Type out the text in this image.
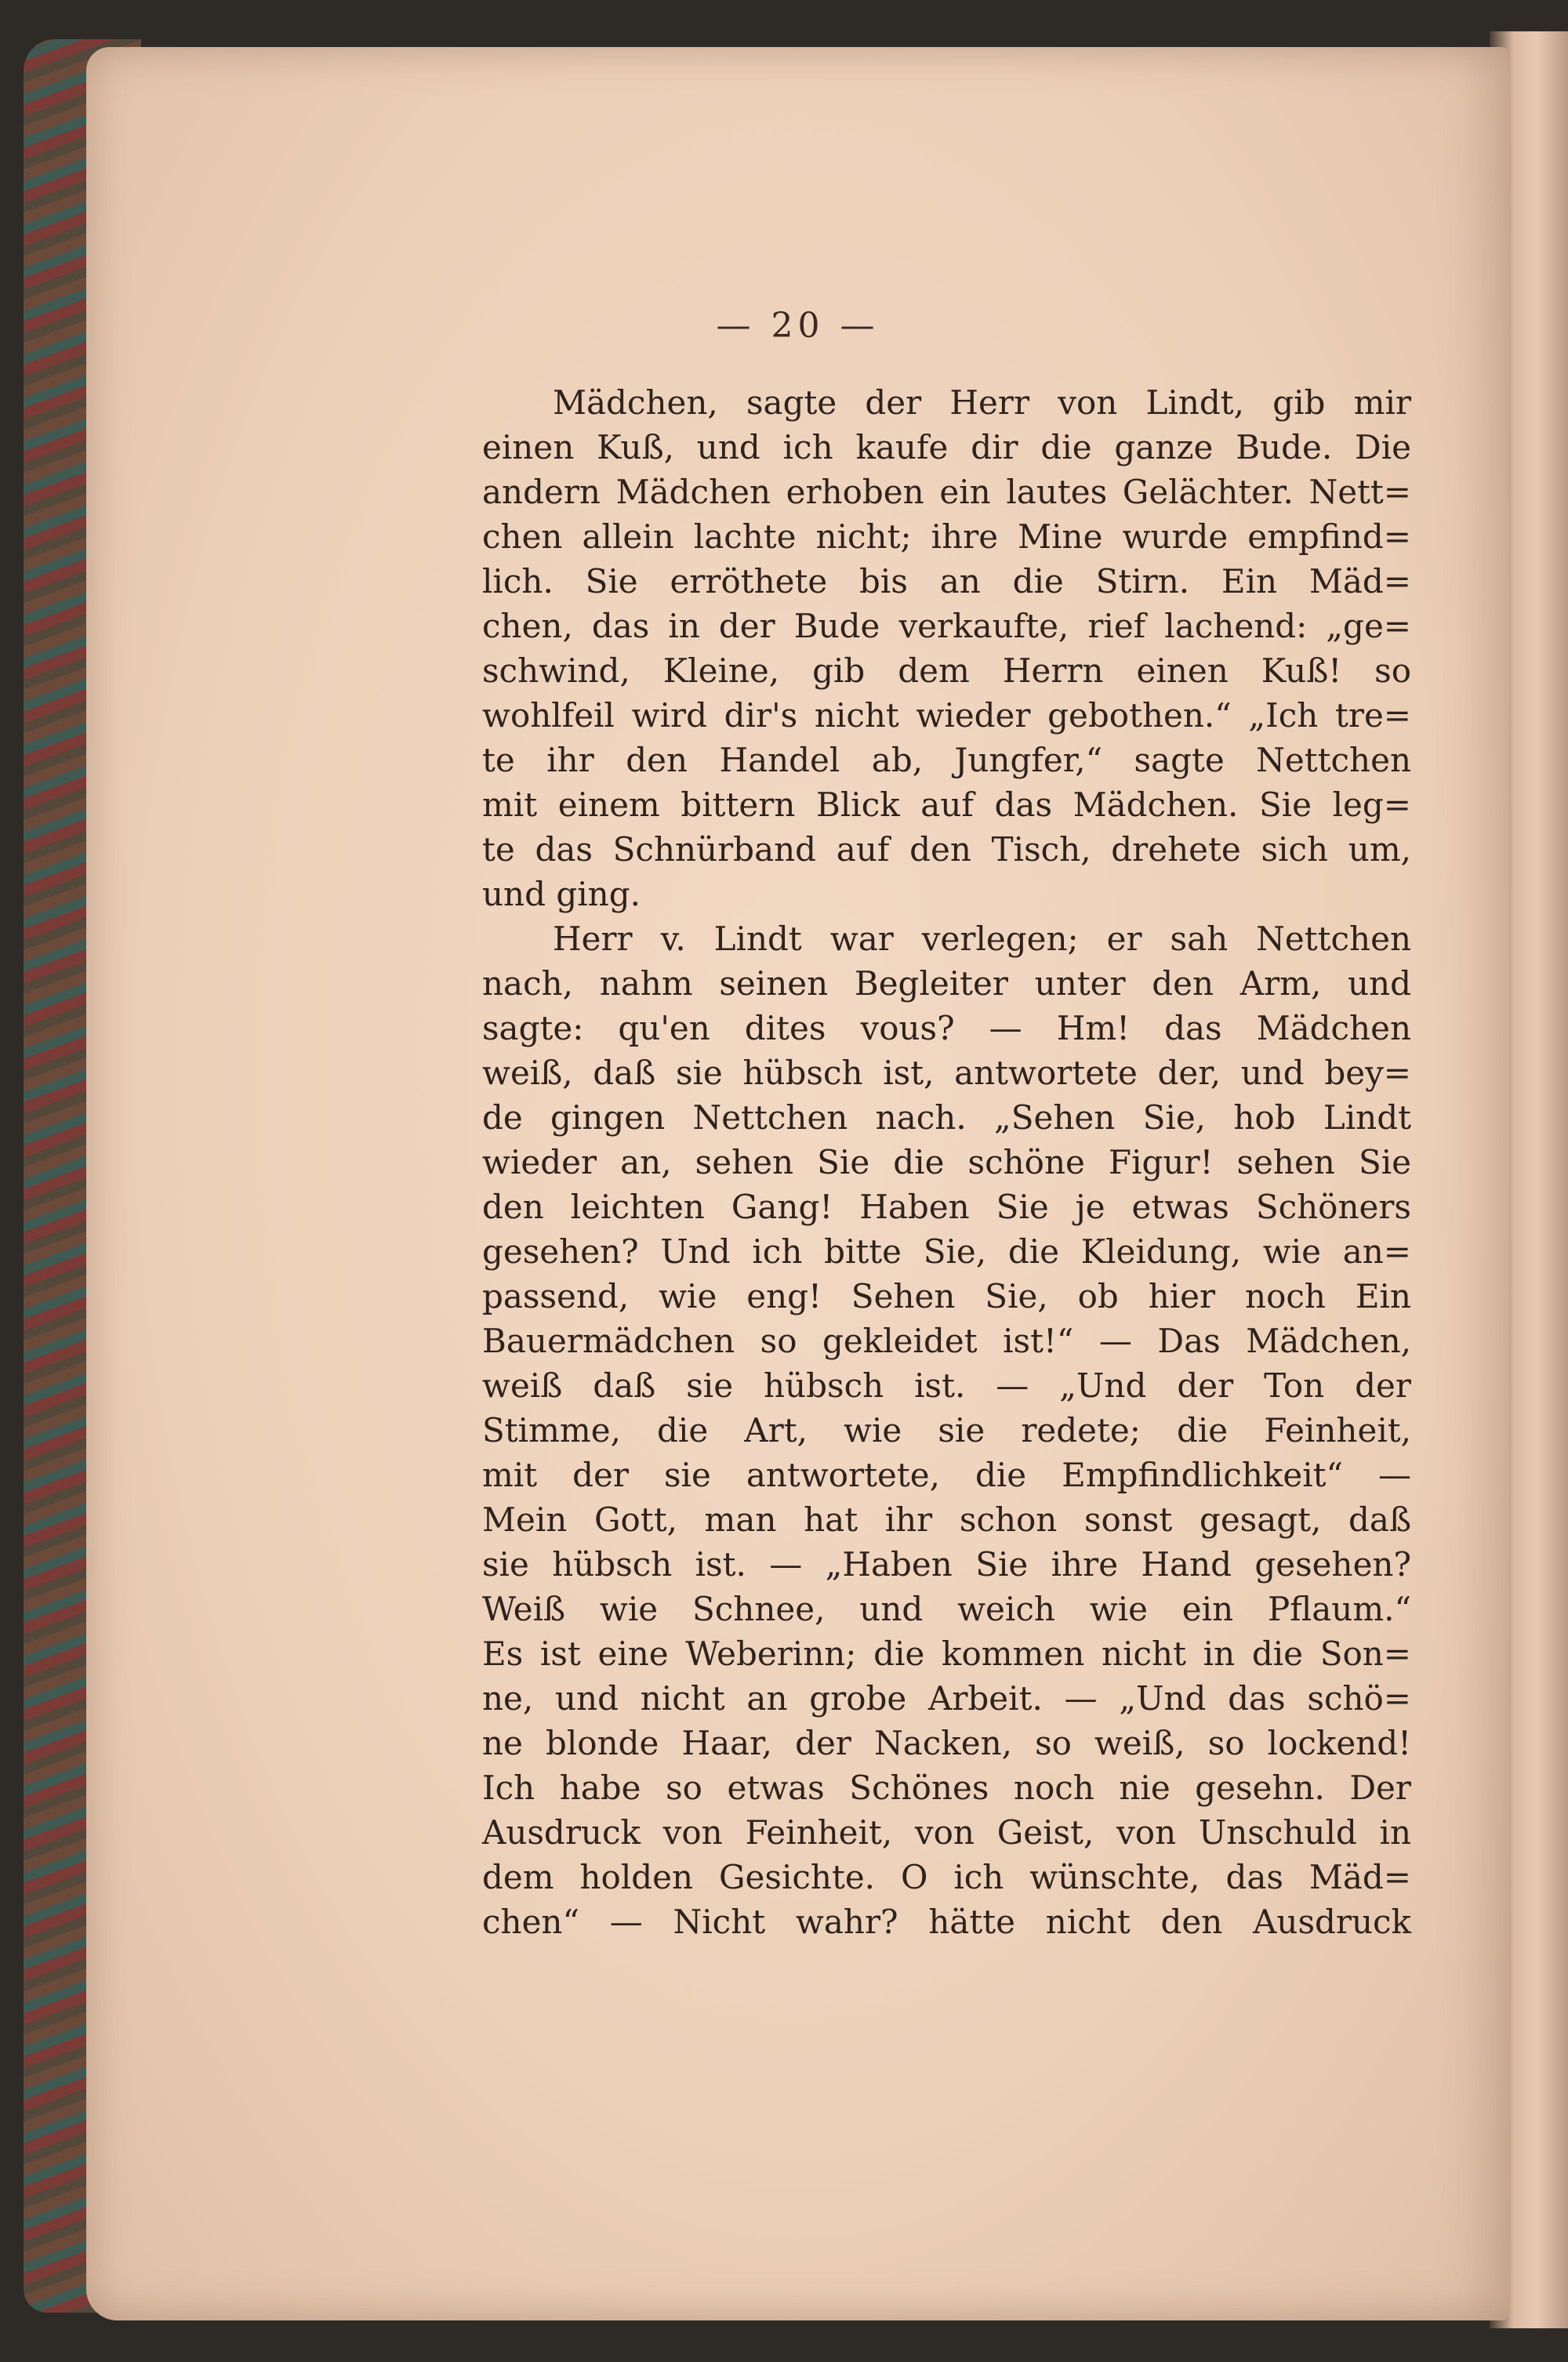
— 20 —
Mädchen, sagte der Herr von Lindt, gib mir
einen Kuß, und ich kaufe dir die ganze Bude. Die
andern Mädchen erhoben ein lautes Gelächter. Nett=
chen allein lachte nicht; ihre Mine wurde empfind=
lich. Sie erröthete bis an die Stirn. Ein Mäd=
chen, das in der Bude verkaufte, rief lachend: „ge=
schwind, Kleine, gib dem Herrn einen Kuß! so
wohlfeil wird dir's nicht wieder gebothen.“ „Ich tre=
te ihr den Handel ab, Jungfer,“ sagte Nettchen
mit einem bittern Blick auf das Mädchen. Sie leg=
te das Schnürband auf den Tisch, drehete sich um,
und ging.
Herr v. Lindt war verlegen; er sah Nettchen
nach, nahm seinen Begleiter unter den Arm, und
sagte: qu'en dites vous? — Hm! das Mädchen
weiß, daß sie hübsch ist, antwortete der, und bey=
de gingen Nettchen nach. „Sehen Sie, hob Lindt
wieder an, sehen Sie die schöne Figur! sehen Sie
den leichten Gang! Haben Sie je etwas Schöners
gesehen? Und ich bitte Sie, die Kleidung, wie an=
passend, wie eng! Sehen Sie, ob hier noch Ein
Bauermädchen so gekleidet ist!“ — Das Mädchen,
weiß daß sie hübsch ist. — „Und der Ton der
Stimme, die Art, wie sie redete; die Feinheit,
mit der sie antwortete, die Empfindlichkeit“ —
Mein Gott, man hat ihr schon sonst gesagt, daß
sie hübsch ist. — „Haben Sie ihre Hand gesehen?
Weiß wie Schnee, und weich wie ein Pflaum.“
Es ist eine Weberinn; die kommen nicht in die Son=
ne, und nicht an grobe Arbeit. — „Und das schö=
ne blonde Haar, der Nacken, so weiß, so lockend!
Ich habe so etwas Schönes noch nie gesehn. Der
Ausdruck von Feinheit, von Geist, von Unschuld in
dem holden Gesichte. O ich wünschte, das Mäd=
chen“ — Nicht wahr? hätte nicht den Ausdruck
